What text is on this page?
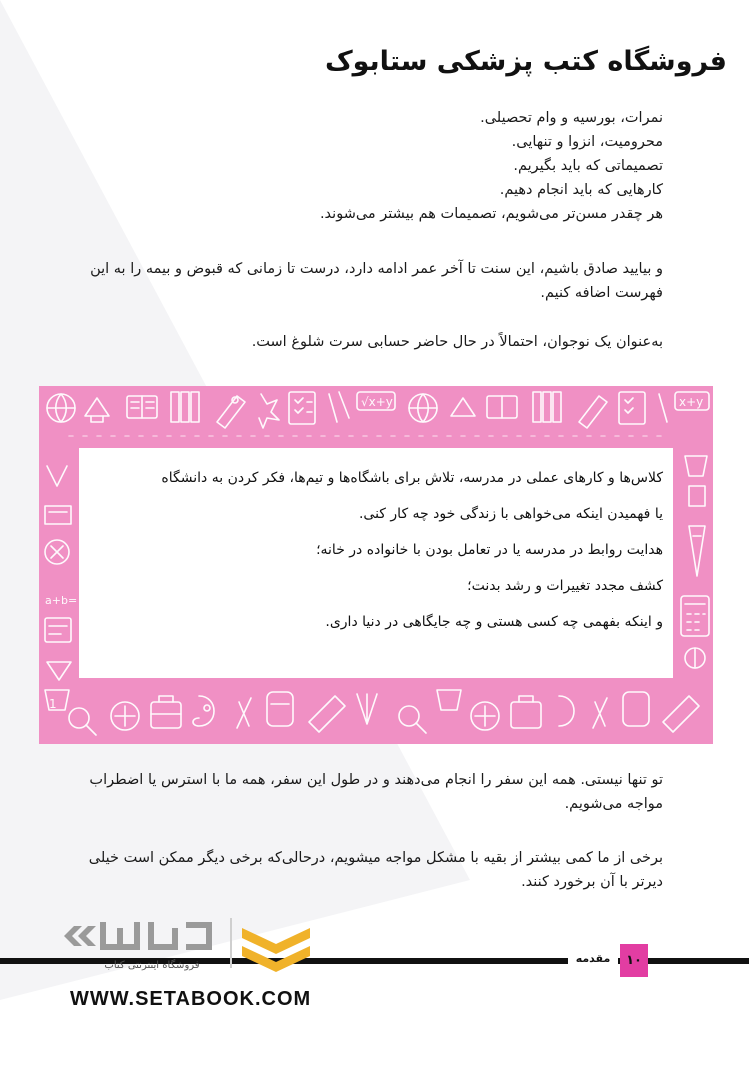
فروشگاه کتب پزشکی ستابوک
نمرات، بورسیه و وام تحصیلی.
محرومیت، انزوا و تنهایی.
تصمیماتی که باید بگیریم.
کارهایی که باید انجام دهیم.
هر چقدر مسن‌تر می‌شویم، تصمیمات هم بیشتر می‌شوند.

و بیایید صادق باشیم، این سنت تا آخر عمر ادامه دارد، درست تا زمانی که قبوض و بیمه را به این فهرست اضافه کنیم.

به‌عنوان یک نوجوان، احتمالاً در حال حاضر حسابی سرت شلوغ است.

√x+y	x+y
a+b=
1
کلاس‌ها و کارهای عملی در مدرسه، تلاش برای باشگاه‌ها و تیم‌ها، فکر کردن به دانشگاه
یا فهمیدن اینکه می‌خواهی با زندگی خود چه کار کنی.
هدایت روابط در مدرسه یا در تعامل بودن با خانواده در خانه؛
کشف مجدد تغییرات و رشد بدنت؛
و اینکه بفهمی چه کسی هستی و چه جایگاهی در دنیا داری.

تو تنها نیستی. همه این سفر را انجام می‌دهند و در طول این سفر، همه ما با استرس یا اضطراب مواجه می‌شویم.

برخی از ما کمی بیشتر از بقیه با مشکل مواجه میشویم، درحالی‌که برخی دیگر ممکن است خیلی دیرتر با آن برخورد کنند.

مقدمه	۱۰
فروشگاه اینترنتی کتاب
WWW.SETABOOK.COM
